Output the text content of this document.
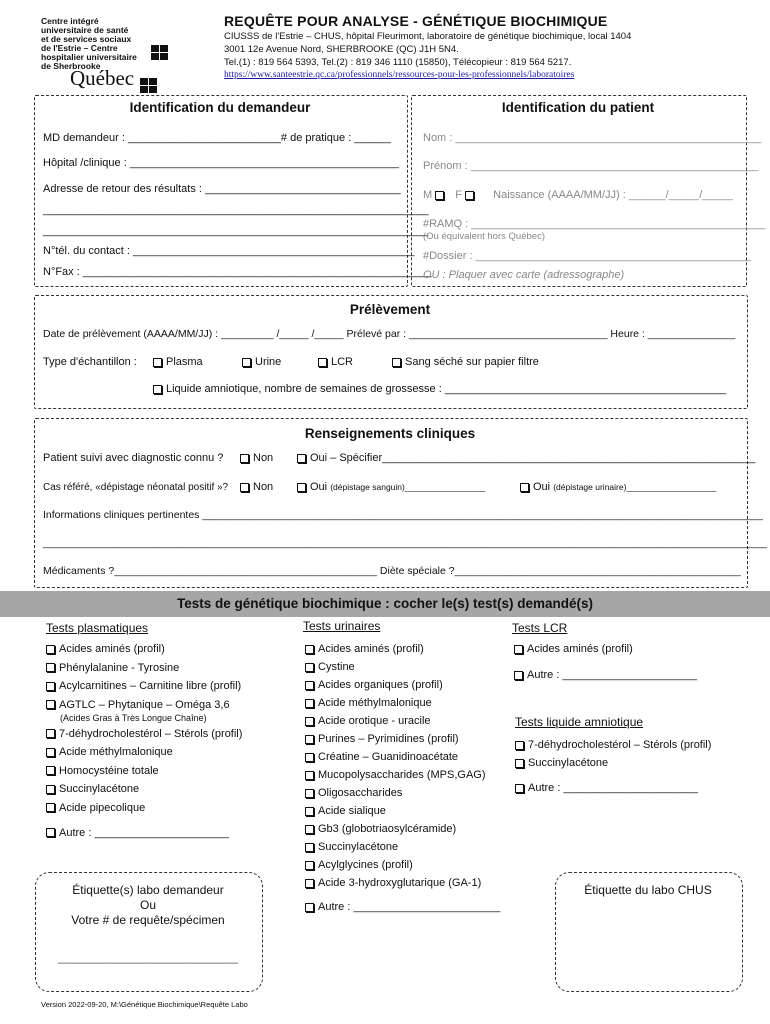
Centre intégré
universitaire de santé
et de services sociaux
de l'Estrie – Centre
hospitalier universitaire
de Sherbrooke
Québec
REQUÊTE POUR ANALYSE - GÉNÉTIQUE BIOCHIMIQUE
CIUSSS de l'Estrie – CHUS, hôpital Fleurimont, laboratoire de génétique biochimique, local 1404
3001 12e Avenue Nord, SHERBROOKE (QC) J1H 5N4.
Tel.(1) : 819 564 5393, Tel.(2) : 819 346 1110 (15850), Télécopieur : 819 564 5217.
https://www.santeestrie.qc.ca/professionnels/ressources-pour-les-professionnels/laboratoires
Identification du demandeur
MD demandeur : _________________________# de pratique : ______
Hôpital /clinique : ____________________________________________
Adresse de retour des résultats : ________________________________
_______________________________________________________________
_______________________________________________________________
N°tél. du contact : ______________________________________________
N°Fax : _________________________________________________________
Identification du patient
Nom : __________________________________________________
Prénom : _______________________________________________
M F	Naissance (AAAA/MM/JJ) : ______/_____/_____
#RAMQ : ________________________________________________
(Ou équivalent hors Québec)
#Dossier : _____________________________________________
OU : Plaquer avec carte (adressographe)
Prélèvement
Date de prélèvement (AAAA/MM/JJ) : _________ /_____ /_____ Prélevé par : __________________________________ Heure : _______________
Type d'échantillon :	Plasma	Urine	LCR	Sang séché sur papier filtre
Liquide amniotique, nombre de semaines de grossesse : ______________________________________________
Renseignements cliniques
Patient suivi avec diagnostic connu ?	Non	Oui – Spécifier_____________________________________________________________
Cas référé, «dépistage néonatal positif »?	Non	Oui (dépistage sanguin)_________________	Oui (dépistage urinaire)___________________
Informations cliniques pertinentes ________________________________________________________________________________________________
____________________________________________________________________________________________________________________________
Médicaments ?_____________________________________________ Diète spéciale ?_________________________________________________
Tests de génétique biochimique : cocher le(s) test(s) demandé(s)
Tests plasmatiques
Acides aminés (profil)
Phénylalanine - Tyrosine
Acylcarnitines – Carnitine libre (profil)
AGTLC – Phytanique – Oméga 3,6
(Acides Gras à Très Longue Chaîne)
7-déhydrocholestérol – Stérols (profil)
Acide méthylmalonique
Homocystéine totale
Succinylacétone
Acide pipecolique
Autre : ______________________
Tests urinaires
Acides aminés (profil)
Cystine
Acides organiques (profil)
Acide méthylmalonique
Acide orotique - uracile
Purines – Pyrimidines (profil)
Créatine – Guanidinoacétate
Mucopolysaccharides (MPS,GAG)
Oligosaccharides
Acide sialique
Gb3 (globotriaosylcéramide)
Succinylacétone
Acylglycines (profil)
Acide 3-hydroxyglutarique (GA-1)
Autre : ________________________
Tests LCR
Acides aminés (profil)
Autre : ______________________
Tests liquide amniotique
7-déhydrocholestérol – Stérols (profil)
Succinylacétone
Autre : ______________________
Étiquette(s) labo demandeur
Ou
Votre # de requête/spécimen
___________________________
Étiquette du labo CHUS
Version 2022-09-20, M:\Génétique Biochimique\Requête Labo
